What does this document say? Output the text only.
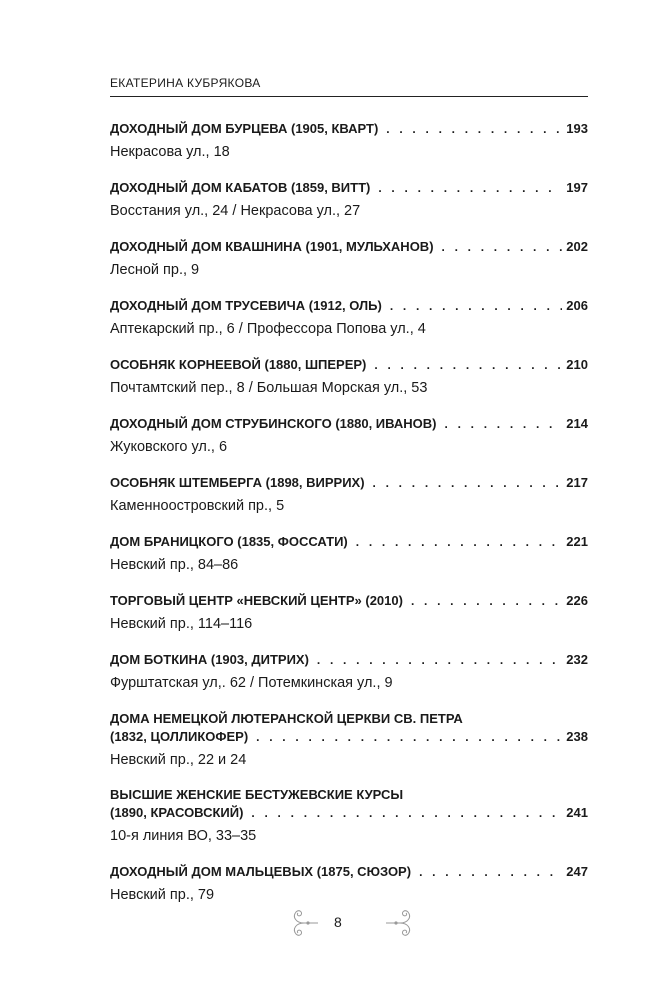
ЕКАТЕРИНА КУБРЯКОВА
ДОХОДНЫЙ ДОМ БУРЦЕВА (1905, КВАРТ) . . .	193
Некрасова ул., 18
ДОХОДНЫЙ ДОМ КАБАТОВ (1859, ВИТТ) . . .	197
Восстания ул., 24 / Некрасова ул., 27
ДОХОДНЫЙ ДОМ КВАШНИНА (1901, МУЛЬХАНОВ) . . .	202
Лесной пр., 9
ДОХОДНЫЙ ДОМ ТРУСЕВИЧА (1912, ОЛЬ) . . .	206
Аптекарский пр., 6 / Профессора Попова ул., 4
ОСОБНЯК КОРНЕЕВОЙ (1880, ШПЕРЕР) . . .	210
Почтамтский пер., 8 / Большая Морская ул., 53
ДОХОДНЫЙ ДОМ СТРУБИНСКОГО (1880, ИВАНОВ) . . .	214
Жуковского ул., 6
ОСОБНЯК ШТЕМБЕРГА (1898, ВИРРИХ) . . .	217
Каменноостровский пр., 5
ДОМ БРАНИЦКОГО (1835, ФОССАТИ) . . .	221
Невский пр., 84–86
ТОРГОВЫЙ ЦЕНТР «НЕВСКИЙ ЦЕНТР» (2010) . . .	226
Невский пр., 114–116
ДОМ БОТКИНА (1903, ДИТРИХ) . . .	232
Фурштатская ул,. 62 / Потемкинская ул., 9
ДОМА НЕМЕЦКОЙ ЛЮТЕРАНСКОЙ ЦЕРКВИ СВ. ПЕТРА
(1832, ЦОЛЛИКОФЕР) . . .	238
Невский пр., 22 и 24
ВЫСШИЕ ЖЕНСКИЕ БЕСТУЖЕВСКИЕ КУРСЫ
(1890, КРАСОВСКИЙ) . . .	241
10-я линия ВО, 33–35
ДОХОДНЫЙ ДОМ МАЛЬЦЕВЫХ (1875, СЮЗОР) . . .	247
Невский пр., 79
8
